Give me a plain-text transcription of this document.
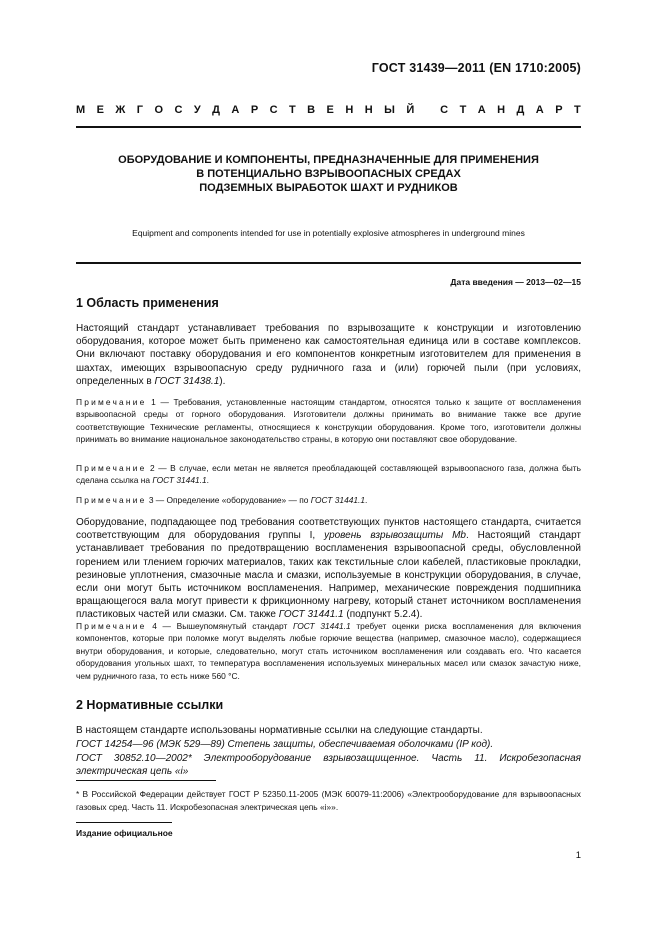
ГОСТ 31439—2011 (EN 1710:2005)
М Е Ж Г О С У Д А Р С Т В Е Н Н Ы Й
С Т А Н Д А Р Т
ОБОРУДОВАНИЕ И КОМПОНЕНТЫ, ПРЕДНАЗНАЧЕННЫЕ ДЛЯ ПРИМЕНЕНИЯ
В ПОТЕНЦИАЛЬНО ВЗРЫВООПАСНЫХ СРЕДАХ
ПОДЗЕМНЫХ ВЫРАБОТОК ШАХТ И РУДНИКОВ
Equipment and components intended for use in potentially explosive atmospheres in underground mines
Дата введения — 2013—02—15
1 Область применения
Настоящий стандарт устанавливает требования по взрывозащите к конструкции и изготовлению оборудования, которое может быть применено как самостоятельная единица или в составе комплексов. Они включают поставку оборудования и его компонентов конкретным изготовителем для применения в шахтах, имеющих взрывоопасную среду рудничного газа и (или) горючей пыли (при условиях, определенных в ГОСТ 31438.1).
Примечание 1 — Требования, установленные настоящим стандартом, относятся только к защите от воспламенения взрывоопасной среды от горного оборудования. Изготовители должны принимать во внимание также все другие соответствующие Технические регламенты, относящиеся к конструкции оборудования. Кроме того, изготовители должны принимать во внимание национальное законодательство страны, в которую они поставляют свое оборудование.
Примечание 2 — В случае, если метан не является преобладающей составляющей взрывоопасного газа, должна быть сделана ссылка на ГОСТ 31441.1.
Примечание 3 — Определение «оборудование» — по ГОСТ 31441.1.
Оборудование, подпадающее под требования соответствующих пунктов настоящего стандарта, считается соответствующим для оборудования группы I, уровень взрывозащиты Mb. Настоящий стандарт устанавливает требования по предотвращению воспламенения взрывоопасной среды, обусловленной горением или тлением горючих материалов, таких как текстильные слои кабелей, пластиковые прокладки, резиновые уплотнения, смазочные масла и смазки, используемые в конструкции оборудования, в случае, если они могут быть источником воспламенения. Например, механические повреждения подшипника вращающегося вала могут привести к фрикционному нагреву, который станет источником воспламенения пластиковых частей или смазки. См. также ГОСТ 31441.1 (подпункт 5.2.4).
Примечание 4 — Вышеупомянутый стандарт ГОСТ 31441.1 требует оценки риска воспламенения для включения компонентов, которые при поломке могут выделять любые горючие вещества (например, смазочное масло), содержащиеся внутри оборудования, и которые, следовательно, могут стать источником воспламенения или создавать его. Что касается оборудования угольных шахт, то температура воспламенения используемых минеральных масел или смазок зачастую ниже, чем рудничного газа, то есть ниже 560 °С.
2 Нормативные ссылки
В настоящем стандарте использованы нормативные ссылки на следующие стандарты.
ГОСТ 14254—96 (МЭК 529—89) Степень защиты, обеспечиваемая оболочками (IP код).
ГОСТ 30852.10—2002* Электрооборудование взрывозащищенное. Часть 11. Искробезопасная электрическая цепь «i»
* В Российской Федерации действует ГОСТ Р 52350.11-2005 (МЭК 60079-11:2006) «Электрооборудование для взрывоопасных газовых сред. Часть 11. Искробезопасная электрическая цепь «i»».
Издание официальное
1
